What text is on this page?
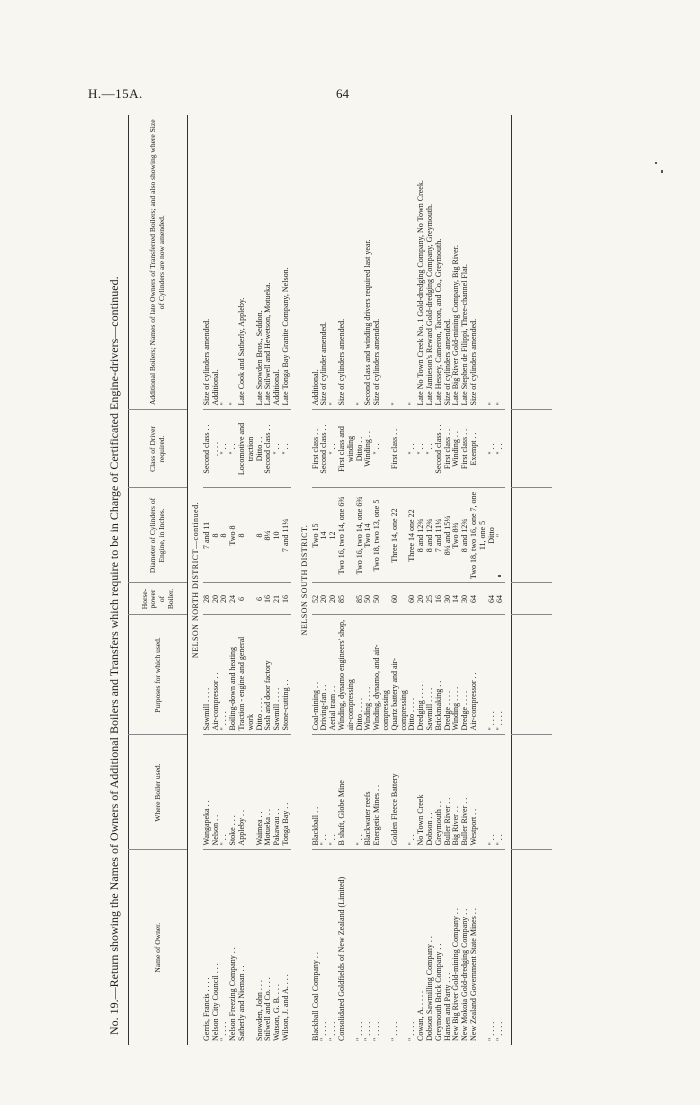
H.—15A.	64
No. 19.—Return showing the Names of Owners of Additional Boilers and Transfers which require to be in Charge of Certificated Engine-drivers—continued.	Name of Owner.	Where Boiler used.	Purposes for which used.	Horse-power of Boiler.	Diameter of Cylinders of Engine, in Inches.	Class of Driver required.	Additional Boilers; Names of late Owners of Transferred Boilers; and also showing where Size of Cylinders are now amended.
NELSON NORTH DISTRICT—continued.						
Gerris, Francis . . . .	Wangapeka . .	Sawmill . . . .	28	7 and 11	Second class . .	Size of cylinders amended.
Nelson City Council . . .	Nelson . .	Air-compressor . .	20	8	. . . .	Additional.
" . . . .	" . .	" . . . .	20	8	" . .	"
Nelson Freezing Company . .	Stoke . . .	Boiling-down and heating	24	Two 8	" . .	"
Satherly and Nieman . .	Appleby . .	Traction - engine and general work	6	8	Locomotive and traction	Late Cook and Satherly, Appleby.
Snowden, John . . .	Waimea . .	Ditto . . . .	6	8	Ditto . .	Late Snowden Bros., Seddon.
Stilwell and Co. . . .	Motueka . .	Sash and door factory	16	8¼	Second class . .	Late Stilwell and Hewetson, Motueka.
Watson, G. B. . . .	Pakawau . .	Sawmill . . . .	21	10	" . .	Additional.
Wilson, J. and A. . . .	Tonga Bay . .	Stone-cutting . .	16	7 and 11¼	" . .	Late Tonga Bay Granite Company, Nelson.

NELSON SOUTH DISTRICT.						
Blackball Coal Company . .	Blackball . .	Coal-mining . .	52	Two 15	First class . .	Additional.
" . . . .	" . .	Driving-fan . .	20	14	Second class . .	Size of cylinder amended.
" . . . .	" . .	Aerial tram . .	20	12	" . .	"
Consolidated Goldfields of New Zealand (Limited)	B shaft, Globe Mine	Winding, dynamo engineers' shop, air-compressing	85	Two 16, two 14, one 6¾	First class and winding	Size of cylinders amended.
" . . . .	" . .	Ditto . . . .	85	Two 16, two 14, one 6¾	Ditto . .	"
" . . . .	Blackwater reefs	Winding . . . .	50	Two 14	Winding . .	Second class and winding drivers required last year.
" . . . .	Energetic Mines . .	Winding, dynamo, and air-compressing	50	Two 18, two 13, one 5	" . .	Size of cylinders amended.
" . . . .	Golden Fleece Battery	Quartz battery and air-compressing	60	Three 14, one 22	First class . .	"
" . . . .	" . .	Ditto . . . .	60	Three 14 one 22	" . .	"
Cowan, A. . . . .	No Town Creek	Dredging . . . .	20	8 and 12¾	" . .	Late No Town Creek No. 1 Gold-dredging Company, No Town Creek.
Dobson Sawmilling Company . .	Dobson . .	Sawmill . . . .	25	8 and 12¾	" . .	Late Jamieson's Reward Gold-dredging Company, Greymouth.
Greymouth Brick Company . .	Greymouth . .	Brickmaking . .	16	7 and 11¼	Second class . .	Late Hessey, Cameron, Tacon, and Co., Greymouth.
Hansen and Party . . .	Buller River . .	Dredge . . . .	30	8¼ and 15¼	First class . .	Size of cylinders amended.
New Big River Gold-mining Company . .	Big River . .	Winding . . . .	14	Two 8¾	Winding . .	Late Big River Gold-mining Company, Big River.
New Mokoia Gold-dredging Company . .	Buller River . .	Dredge . . . .	30	8 and 12¾	First class . .	Late Stephen de Filippi, Three-channel Flat.
New Zealand Government State Mines . .	Westport . .	Air-compressor . .	64	Two 18, two 16, one 7, one 11, one 5	Exempt . .	Size of cylinders amended.
" . . . .	" . .	" . . . .	64	Ditto	" . .	"
" . . . .	" . .	" . . . .	64	"	" . .	"
